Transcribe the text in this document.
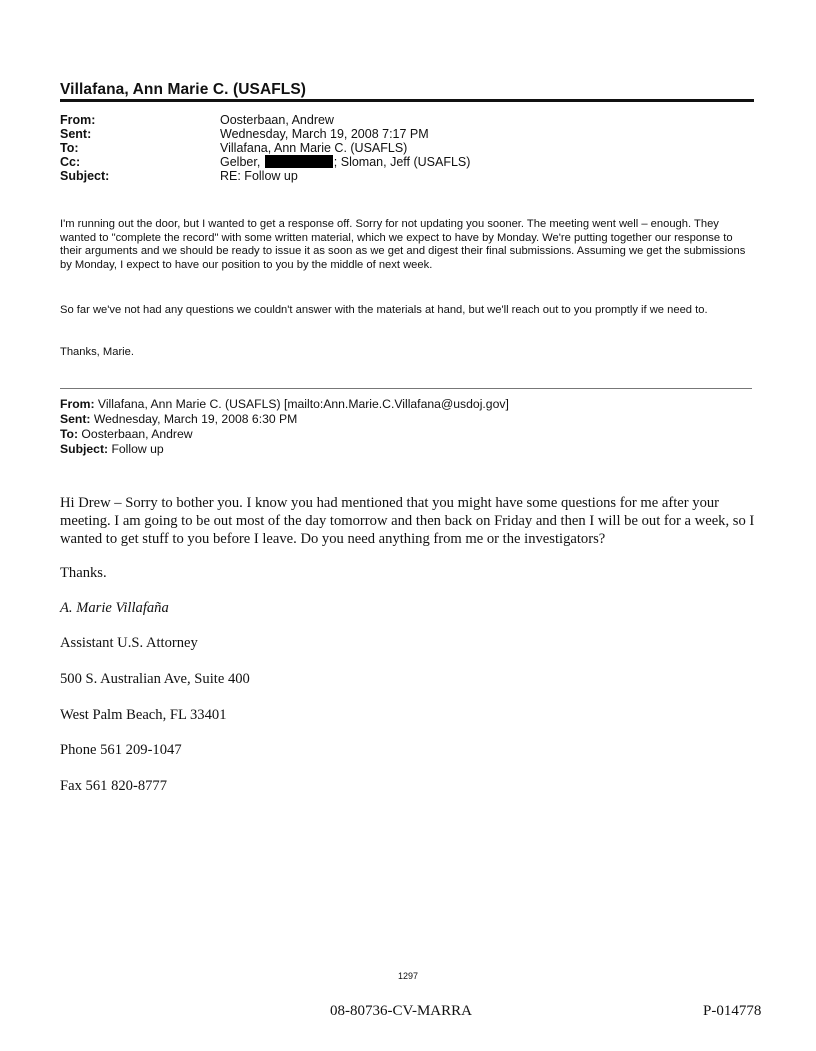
Villafana, Ann Marie C. (USAFLS)
From:	Oosterbaan, Andrew
Sent:	Wednesday, March 19, 2008 7:17 PM
To:	Villafana, Ann Marie C. (USAFLS)
Cc:	Gelber,	; Sloman, Jeff (USAFLS)
Subject:	RE: Follow up
I'm running out the door, but I wanted to get a response off. Sorry for not updating you sooner. The meeting went well – enough. They wanted to "complete the record" with some written material, which we expect to have by Monday. We're putting together our response to their arguments and we should be ready to issue it as soon as we get and digest their final submissions. Assuming we get the submissions by Monday, I expect to have our position to you by the middle of next week.
So far we've not had any questions we couldn't answer with the materials at hand, but we'll reach out to you promptly if we need to.
Thanks, Marie.
From: Villafana, Ann Marie C. (USAFLS) [mailto:Ann.Marie.C.Villafana@usdoj.gov]
Sent: Wednesday, March 19, 2008 6:30 PM
To: Oosterbaan, Andrew
Subject: Follow up
Hi Drew – Sorry to bother you. I know you had mentioned that you might have some questions for me after your meeting. I am going to be out most of the day tomorrow and then back on Friday and then I will be out for a week, so I wanted to get stuff to you before I leave. Do you need anything from me or the investigators?
Thanks.
A. Marie Villafaña
Assistant U.S. Attorney
500 S. Australian Ave, Suite 400
West Palm Beach, FL 33401
Phone 561 209-1047
Fax 561 820-8777
1297
08-80736-CV-MARRA	P-014778
